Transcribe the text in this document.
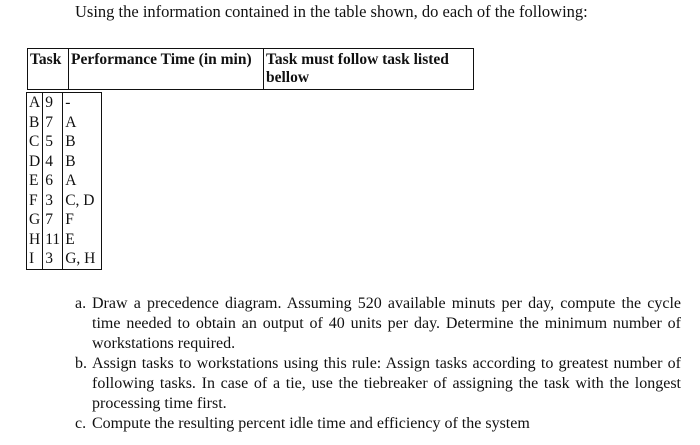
Using the information contained in the table shown, do each of the following:
Task	Performance Time (in min)	Task must follow task listed bellow
A	9	-
B	7	A
C	5	B
D	4	B
E	6	A
F	3	C, D
G	7	F
H	11	E
I	3	G, H
a. Draw a precedence diagram. Assuming 520 available minuts per day, compute the cycle time needed to obtain an output of 40 units per day. Determine the minimum number of workstations required.
b. Assign tasks to workstations using this rule: Assign tasks according to greatest number of following tasks. In case of a tie, use the tiebreaker of assigning the task with the longest processing time first.
c. Compute the resulting percent idle time and efficiency of the system
